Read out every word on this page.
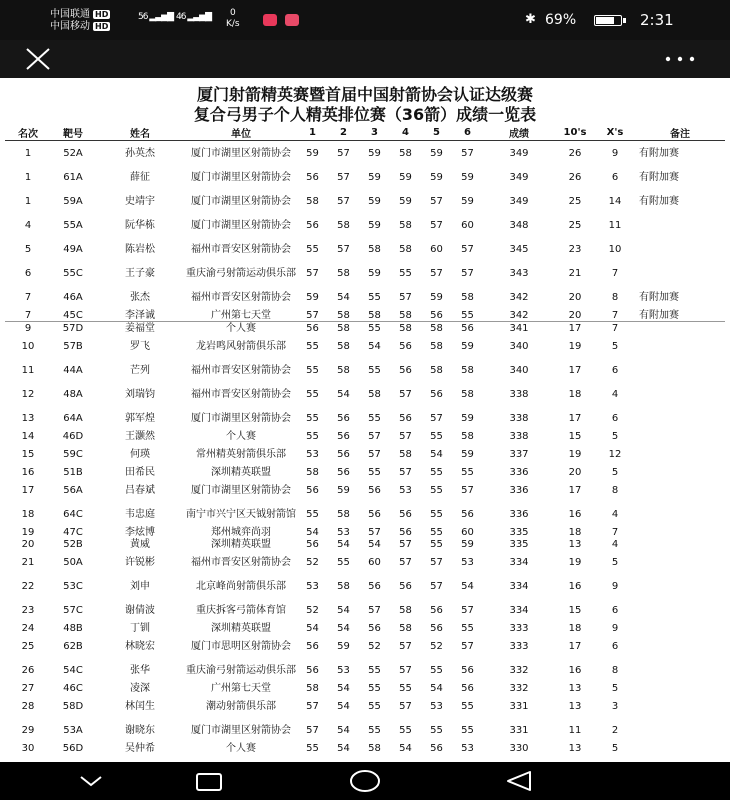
中国联通 HD
中国移动 HD
56 ▂▃▅▇ 46 ▂▃▅▇	0
K/s	✱ 69%	2:31
厦门射箭精英赛暨首届中国射箭协会认证达级赛
复合弓男子个人精英排位赛（36箭）成绩一览表
名次	靶号	姓名	单位	1	2	3	4	5	6	成绩	10's	X's	备注
1	52A	孙英杰	厦门市湖里区射箭协会	59	57	59	58	59	57	349	26	9	有附加赛
1	61A	薛征	厦门市湖里区射箭协会	56	57	59	59	59	59	349	26	6	有附加赛
1	59A	史靖宇	厦门市湖里区射箭协会	58	57	59	59	57	59	349	25	14	有附加赛
4	55A	阮华栋	厦门市湖里区射箭协会	56	58	59	58	57	60	348	25	11	
5	49A	陈岩松	福州市晋安区射箭协会	55	57	58	58	60	57	345	23	10	
6	55C	王子豪	重庆渝弓射箭运动俱乐部	57	58	59	55	57	57	343	21	7	
7	46A	张杰	福州市晋安区射箭协会	59	54	55	57	59	58	342	20	8	有附加赛
7	45C	李泽诚	广州第七天堂	57	58	58	58	56	55	342	20	7	有附加赛
9	57D	姜福堂	个人赛	56	58	55	58	58	56	341	17	7	
10	57B	罗飞	龙岩鸣风射箭俱乐部	55	58	54	56	58	59	340	19	5	
11	44A	芒列	福州市晋安区射箭协会	55	58	55	56	58	58	340	17	6	
12	48A	刘瑞钧	福州市晋安区射箭协会	55	54	58	57	56	58	338	18	4	
13	64A	郭军煌	厦门市湖里区射箭协会	55	56	55	56	57	59	338	17	6	
14	46D	王灏然	个人赛	55	56	57	57	55	58	338	15	5	
15	59C	何瑛	常州精英射箭俱乐部	53	56	57	58	54	59	337	19	12	
16	51B	田希民	深圳精英联盟	58	56	55	57	55	55	336	20	5	
17	56A	吕春斌	厦门市湖里区射箭协会	56	59	56	53	55	57	336	17	8	
18	64C	韦忠庭	南宁市兴宁区天钺射箭馆	55	58	56	56	55	56	336	16	4	
19	47C	李炫博	郑州城弈尚羽	54	53	57	56	55	60	335	18	7	
20	52B	黄威	深圳精英联盟	56	54	54	57	55	59	335	13	4	
21	50A	许锐彬	福州市晋安区射箭协会	52	55	60	57	57	53	334	19	5	
22	53C	刘申	北京峰尚射箭俱乐部	53	58	56	56	57	54	334	16	9	
23	57C	谢倩波	重庆拆客弓箭体育馆	52	54	57	58	56	57	334	15	6	
24	48B	丁钏	深圳精英联盟	54	54	56	58	56	55	333	18	9	
25	62B	林晓宏	厦门市思明区射箭协会	56	59	52	57	52	57	333	17	6	
26	54C	张华	重庆渝弓射箭运动俱乐部	56	53	55	57	55	56	332	16	8	
27	46C	凌深	广州第七天堂	58	54	55	55	54	56	332	13	5	
28	58D	林闰生	潮动射箭俱乐部	57	54	55	57	53	55	331	13	3	
29	53A	谢晓东	厦门市湖里区射箭协会	57	54	55	55	55	55	331	11	2	
30	56D	吴仲希	个人赛	55	54	58	54	56	53	330	13	5	
